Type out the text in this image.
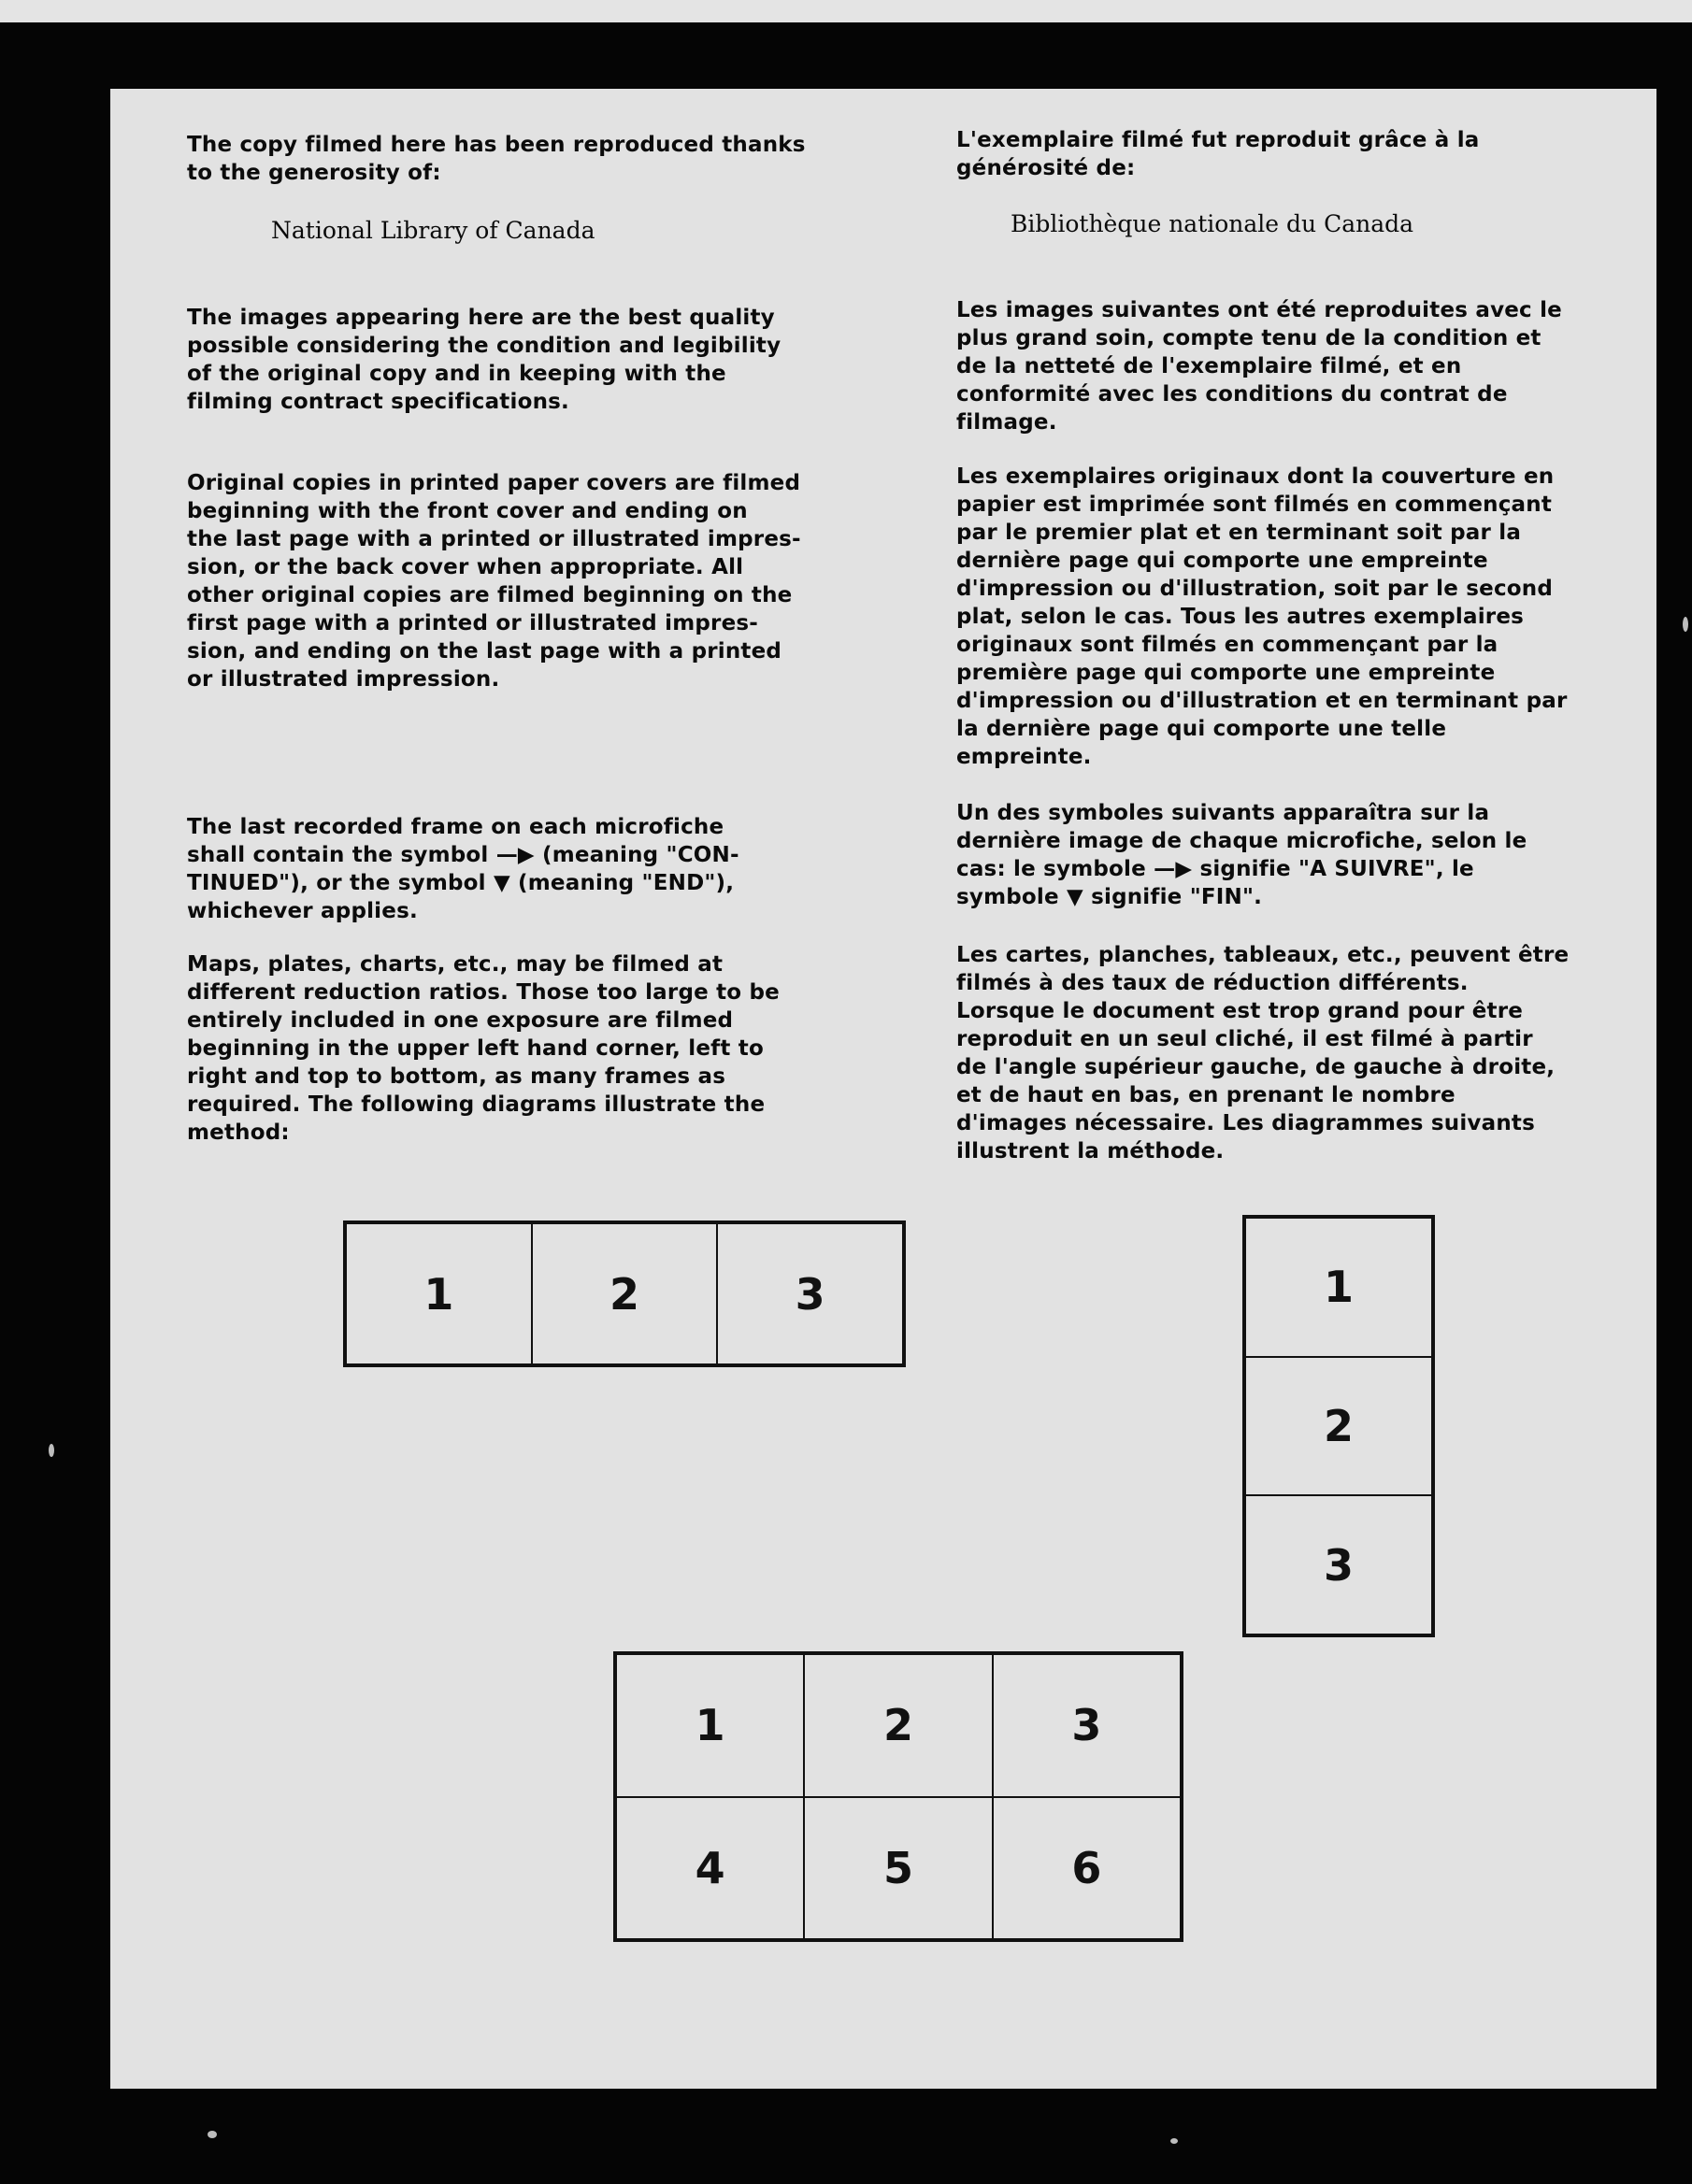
The copy filmed here has been reproduced thanks
to the generosity of:

National Library of Canada

The images appearing here are the best quality
possible considering the condition and legibility
of the original copy and in keeping with the
filming contract specifications.

Original copies in printed paper covers are filmed
beginning with the front cover and ending on
the last page with a printed or illustrated impres-
sion, or the back cover when appropriate. All
other original copies are filmed beginning on the
first page with a printed or illustrated impres-
sion, and ending on the last page with a printed
or illustrated impression.

The last recorded frame on each microfiche
shall contain the symbol —▶ (meaning "CON-
TINUED"), or the symbol ▼ (meaning "END"),
whichever applies.

Maps, plates, charts, etc., may be filmed at
different reduction ratios. Those too large to be
entirely included in one exposure are filmed
beginning in the upper left hand corner, left to
right and top to bottom, as many frames as
required. The following diagrams illustrate the
method:

L'exemplaire filmé fut reproduit grâce à la
générosité de:

Bibliothèque nationale du Canada

Les images suivantes ont été reproduites avec le
plus grand soin, compte tenu de la condition et
de la netteté de l'exemplaire filmé, et en
conformité avec les conditions du contrat de
filmage.

Les exemplaires originaux dont la couverture en
papier est imprimée sont filmés en commençant
par le premier plat et en terminant soit par la
dernière page qui comporte une empreinte
d'impression ou d'illustration, soit par le second
plat, selon le cas. Tous les autres exemplaires
originaux sont filmés en commençant par la
première page qui comporte une empreinte
d'impression ou d'illustration et en terminant par
la dernière page qui comporte une telle
empreinte.

Un des symboles suivants apparaîtra sur la
dernière image de chaque microfiche, selon le
cas: le symbole —▶ signifie "A SUIVRE", le
symbole ▼ signifie "FIN".

Les cartes, planches, tableaux, etc., peuvent être
filmés à des taux de réduction différents.
Lorsque le document est trop grand pour être
reproduit en un seul cliché, il est filmé à partir
de l'angle supérieur gauche, de gauche à droite,
et de haut en bas, en prenant le nombre
d'images nécessaire. Les diagrammes suivants
illustrent la méthode.

1	2	3	1
2
3
1	2	3
4	5	6
